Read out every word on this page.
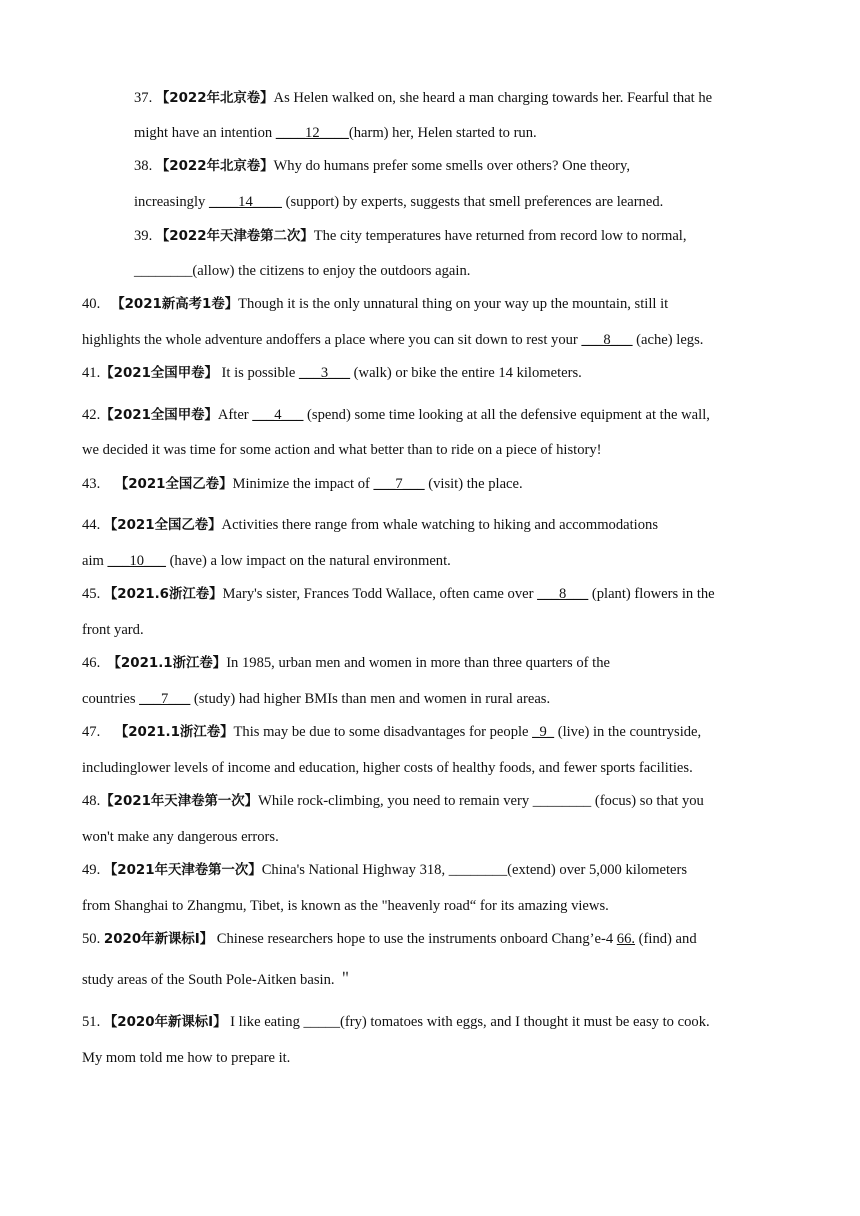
37. 【2022年北京卷】As Helen walked on, she heard a man charging towards her. Fearful that he
might have an intention ____12____(harm) her, Helen started to run.
38. 【2022年北京卷】Why do humans prefer some smells over others? One theory,
increasingly ____14____ (support) by experts, suggests that smell preferences are learned.
39. 【2022年天津卷第二次】The city temperatures have returned from record low to normal,
________(allow) the citizens to enjoy the outdoors again.
40. 【2021新高考1卷】Though it is the only unnatural thing on your way up the mountain, still it
highlights the whole adventure andoffers a place where you can sit down to rest your ___8___ (ache) legs.
41.【2021全国甲卷】 It is possible ___3___ (walk) or bike the entire 14 kilometers.
42.【2021全国甲卷】After ___4___ (spend) some time looking at all the defensive equipment at the wall,
we decided it was time for some action and what better than to ride on a piece of history!
43. 【2021全国乙卷】Minimize the impact of ___7___ (visit) the place.
44. 【2021全国乙卷】Activities there range from whale watching to hiking and accommodations
aim ___10___ (have) a low impact on the natural environment.
45. 【2021.6浙江卷】Mary's sister, Frances Todd Wallace, often came over ___8___ (plant) flowers in the
front yard.
46. 【2021.1浙江卷】In 1985, urban men and women in more than three quarters of the
countries ___7___ (study) had higher BMIs than men and women in rural areas.
47. 【2021.1浙江卷】This may be due to some disadvantages for people _9_ (live) in the countryside,
includinglower levels of income and education, higher costs of healthy foods, and fewer sports facilities.
48.【2021年天津卷第一次】While rock-climbing, you need to remain very ________ (focus) so that you
won't make any dangerous errors.
49. 【2021年天津卷第一次】China's National Highway 318, ________(extend) over 5,000 kilometers
from Shanghai to Zhangmu, Tibet, is known as the "heavenly road“ for its amazing views.
50. 2020年新课标Ⅰ】 Chinese researchers hope to use the instruments onboard Chang’e-4 66. (find) and
study areas of the South Pole-Aitken basin. ＂
51. 【2020年新课标Ⅰ】 I like eating _____(fry) tomatoes with eggs, and I thought it must be easy to cook.
My mom told me how to prepare it.
